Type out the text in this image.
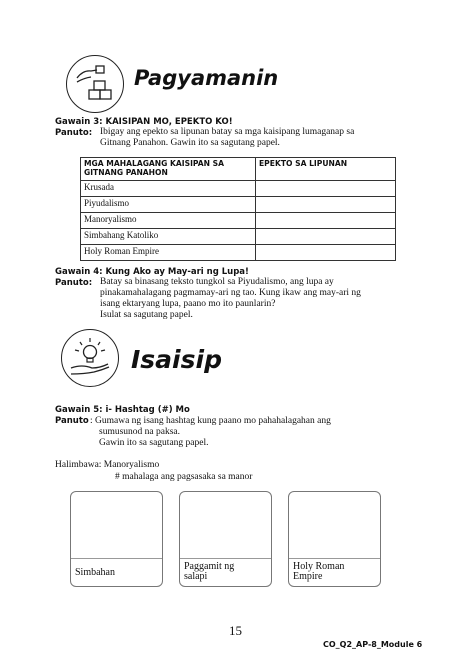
Pagyamanin
Gawain 3: KAISIPAN MO, EPEKTO KO!
Panuto: Ibigay ang epekto sa lipunan batay sa mga kaisipang lumaganap sa
Gitnang Panahon. Gawin ito sa sagutang papel.
MGA MAHALAGANG KAISIPAN SA GITNANG PANAHON	EPEKTO SA LIPUNAN
Krusada	
Piyudalismo	
Manoryalismo	
Simbahang Katoliko	
Holy Roman Empire	
Gawain 4: Kung Ako ay May-ari ng Lupa!
Panuto: Batay sa binasang teksto tungkol sa Piyudalismo, ang lupa ay
pinakamahalagang pagmamay-ari ng tao. Kung ikaw ang may-ari ng
isang ektaryang lupa, paano mo ito paunlarin?
Isulat sa sagutang papel.
Isaisip
Gawain 5: i- Hashtag (#) Mo
Panuto : Gumawa ng isang hashtag kung paano mo pahahalagahan ang
sumusunod na paksa.
Gawin ito sa sagutang papel.
Halimbawa: Manoryalismo
# mahalaga ang pagsasaka sa manor
Simbahan
Paggamit ng salapi
Holy Roman Empire
15
CO_Q2_AP-8_Module 6
